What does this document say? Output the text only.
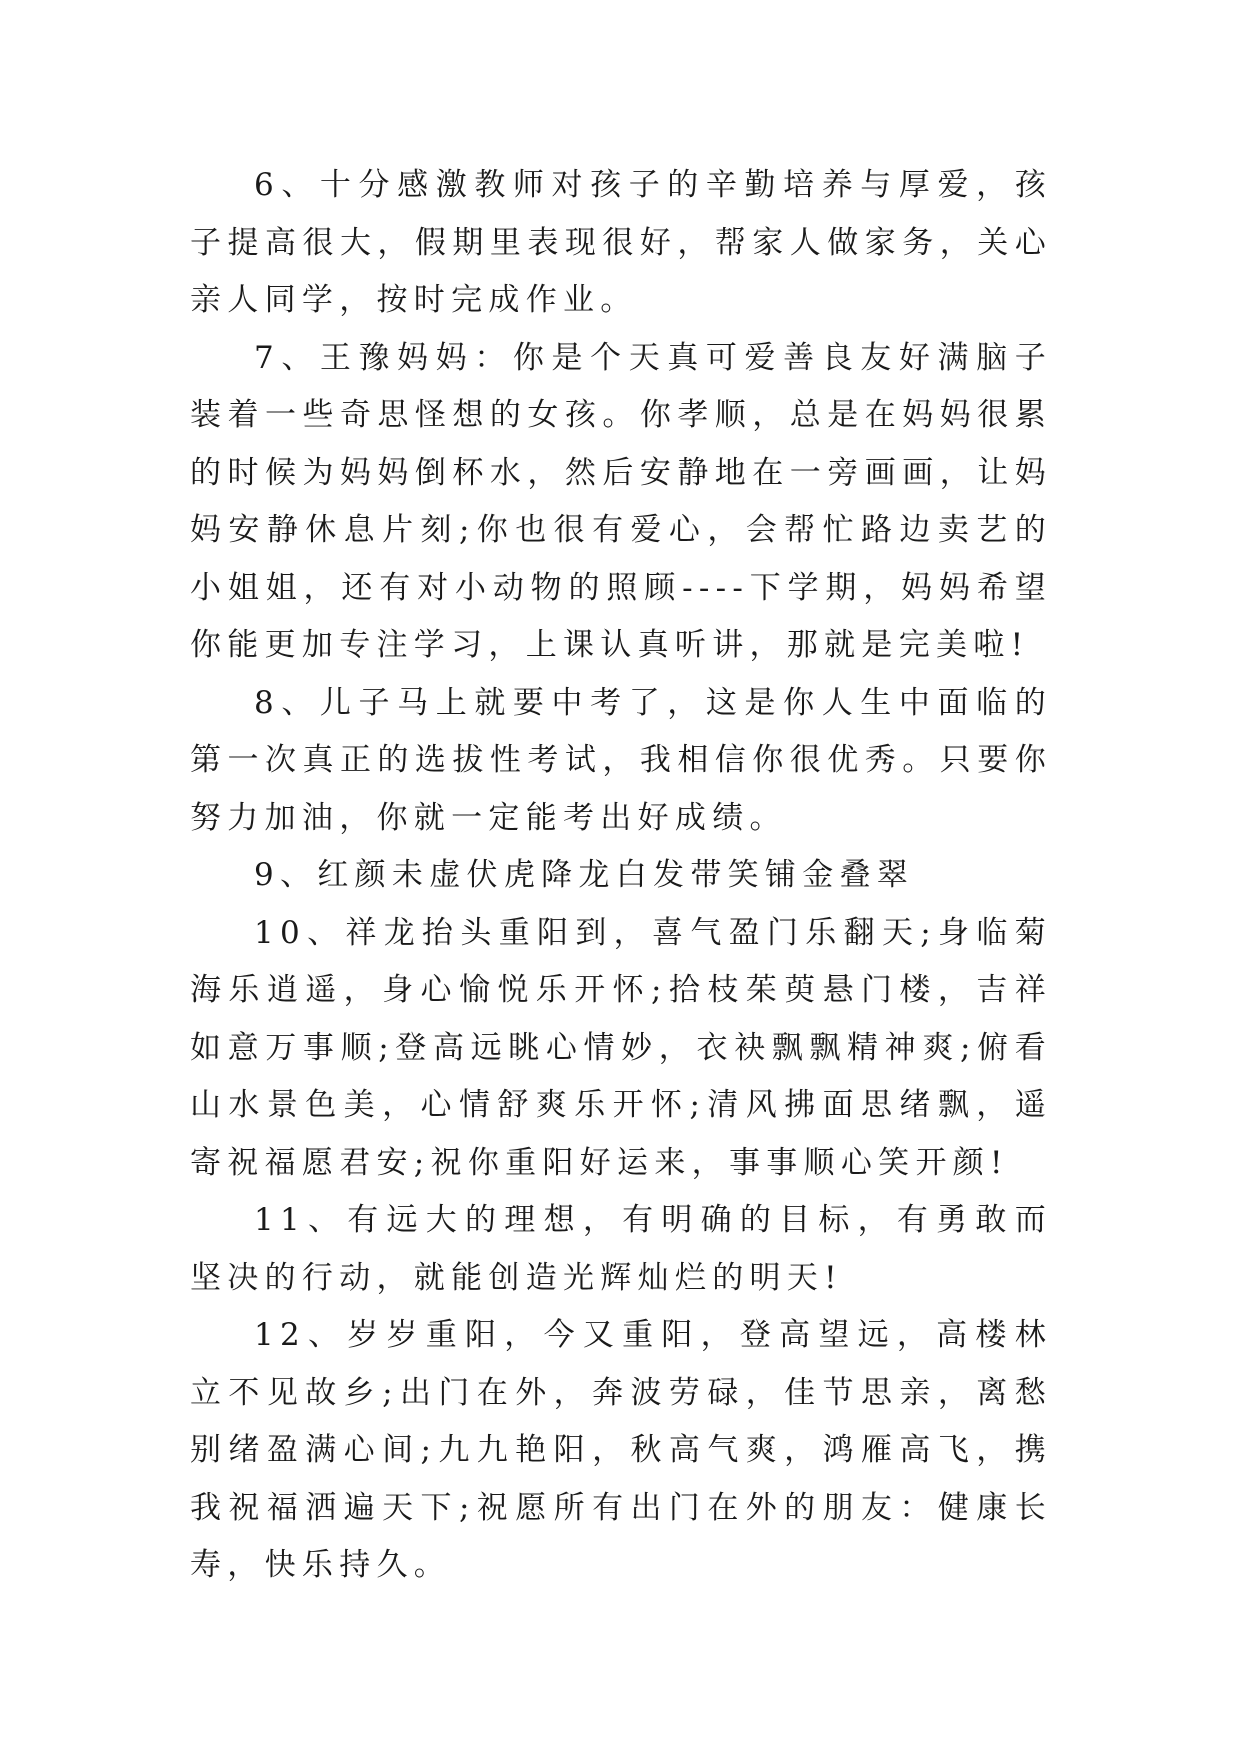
6、十分感激教师对孩子的辛勤培养与厚爱，孩子提高很大，假期里表现很好，帮家人做家务，关心亲人同学，按时完成作业。

7、王豫妈妈：你是个天真可爱善良友好满脑子装着一些奇思怪想的女孩。你孝顺，总是在妈妈很累的时候为妈妈倒杯水，然后安静地在一旁画画，让妈妈安静休息片刻;你也很有爱心，会帮忙路边卖艺的小姐姐，还有对小动物的照顾----下学期，妈妈希望你能更加专注学习，上课认真听讲，那就是完美啦!

8、儿子马上就要中考了，这是你人生中面临的第一次真正的选拔性考试，我相信你很优秀。只要你努力加油，你就一定能考出好成绩。

9、红颜未虚伏虎降龙白发带笑铺金叠翠

10、祥龙抬头重阳到，喜气盈门乐翻天;身临菊海乐逍遥，身心愉悦乐开怀;拾枝茱萸悬门楼，吉祥如意万事顺;登高远眺心情妙，衣袂飘飘精神爽;俯看山水景色美，心情舒爽乐开怀;清风拂面思绪飘，遥寄祝福愿君安;祝你重阳好运来，事事顺心笑开颜!

11、有远大的理想，有明确的目标，有勇敢而坚决的行动，就能创造光辉灿烂的明天!

12、岁岁重阳，今又重阳，登高望远，高楼林立不见故乡;出门在外，奔波劳碌，佳节思亲，离愁别绪盈满心间;九九艳阳，秋高气爽，鸿雁高飞，携我祝福洒遍天下;祝愿所有出门在外的朋友：健康长寿，快乐持久。
